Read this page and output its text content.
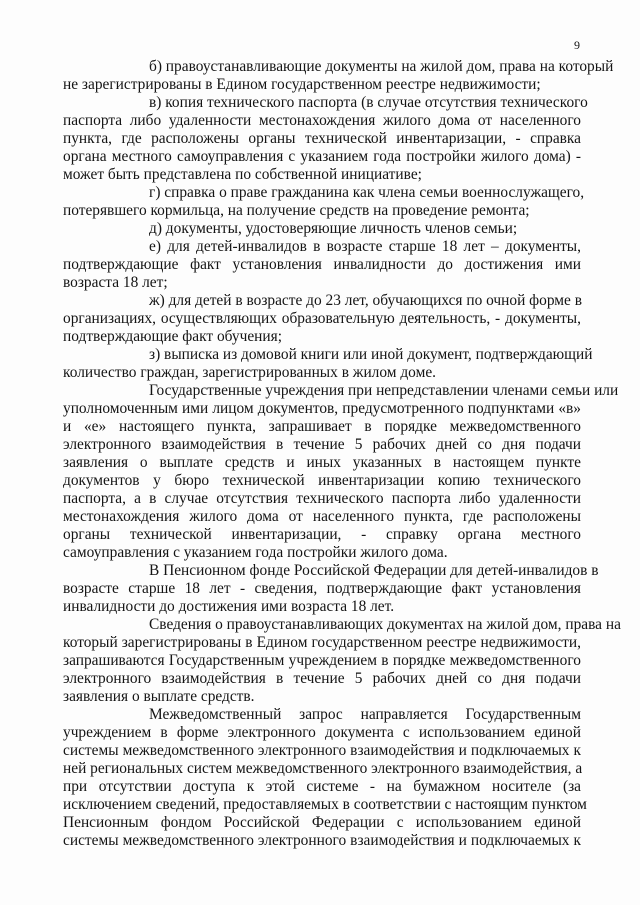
9

б) правоустанавливающие документы на жилой дом, права на который
не зарегистрированы в Едином государственном реестре недвижимости;

в) копия технического паспорта (в случае отсутствия технического
паспорта либо удаленности местонахождения жилого дома от населенного
пункта, где расположены органы технической инвентаризации, - справка
органа местного самоуправления с указанием года постройки жилого дома) -
может быть представлена по собственной инициативе;

г) справка о праве гражданина как члена семьи военнослужащего,
потерявшего кормильца, на получение средств на проведение ремонта;

д) документы, удостоверяющие личность членов семьи;

е) для детей-инвалидов в возрасте старше 18 лет – документы,
подтверждающие факт установления инвалидности до достижения ими
возраста 18 лет;

ж) для детей в возрасте до 23 лет, обучающихся по очной форме в
организациях, осуществляющих образовательную деятельность, - документы,
подтверждающие факт обучения;

з) выписка из домовой книги или иной документ, подтверждающий
количество граждан, зарегистрированных в жилом доме.

Государственные учреждения при непредставлении членами семьи или
уполномоченным ими лицом документов, предусмотренного подпунктами «в»
и «е» настоящего пункта, запрашивает в порядке межведомственного
электронного взаимодействия в течение 5 рабочих дней со дня подачи
заявления о выплате средств и иных указанных в настоящем пункте
документов у бюро технической инвентаризации копию технического
паспорта, а в случае отсутствия технического паспорта либо удаленности
местонахождения жилого дома от населенного пункта, где расположены
органы технической инвентаризации, - справку органа местного
самоуправления с указанием года постройки жилого дома.

В Пенсионном фонде Российской Федерации для детей-инвалидов в
возрасте старше 18 лет - сведения, подтверждающие факт установления
инвалидности до достижения ими возраста 18 лет.

Сведения о правоустанавливающих документах на жилой дом, права на
который зарегистрированы в Едином государственном реестре недвижимости,
запрашиваются Государственным учреждением в порядке межведомственного
электронного взаимодействия в течение 5 рабочих дней со дня подачи
заявления о выплате средств.

Межведомственный запрос направляется Государственным
учреждением в форме электронного документа с использованием единой
системы межведомственного электронного взаимодействия и подключаемых к
ней региональных систем межведомственного электронного взаимодействия, а
при отсутствии доступа к этой системе - на бумажном носителе (за
исключением сведений, предоставляемых в соответствии с настоящим пунктом
Пенсионным фондом Российской Федерации с использованием единой
системы межведомственного электронного взаимодействия и подключаемых к
